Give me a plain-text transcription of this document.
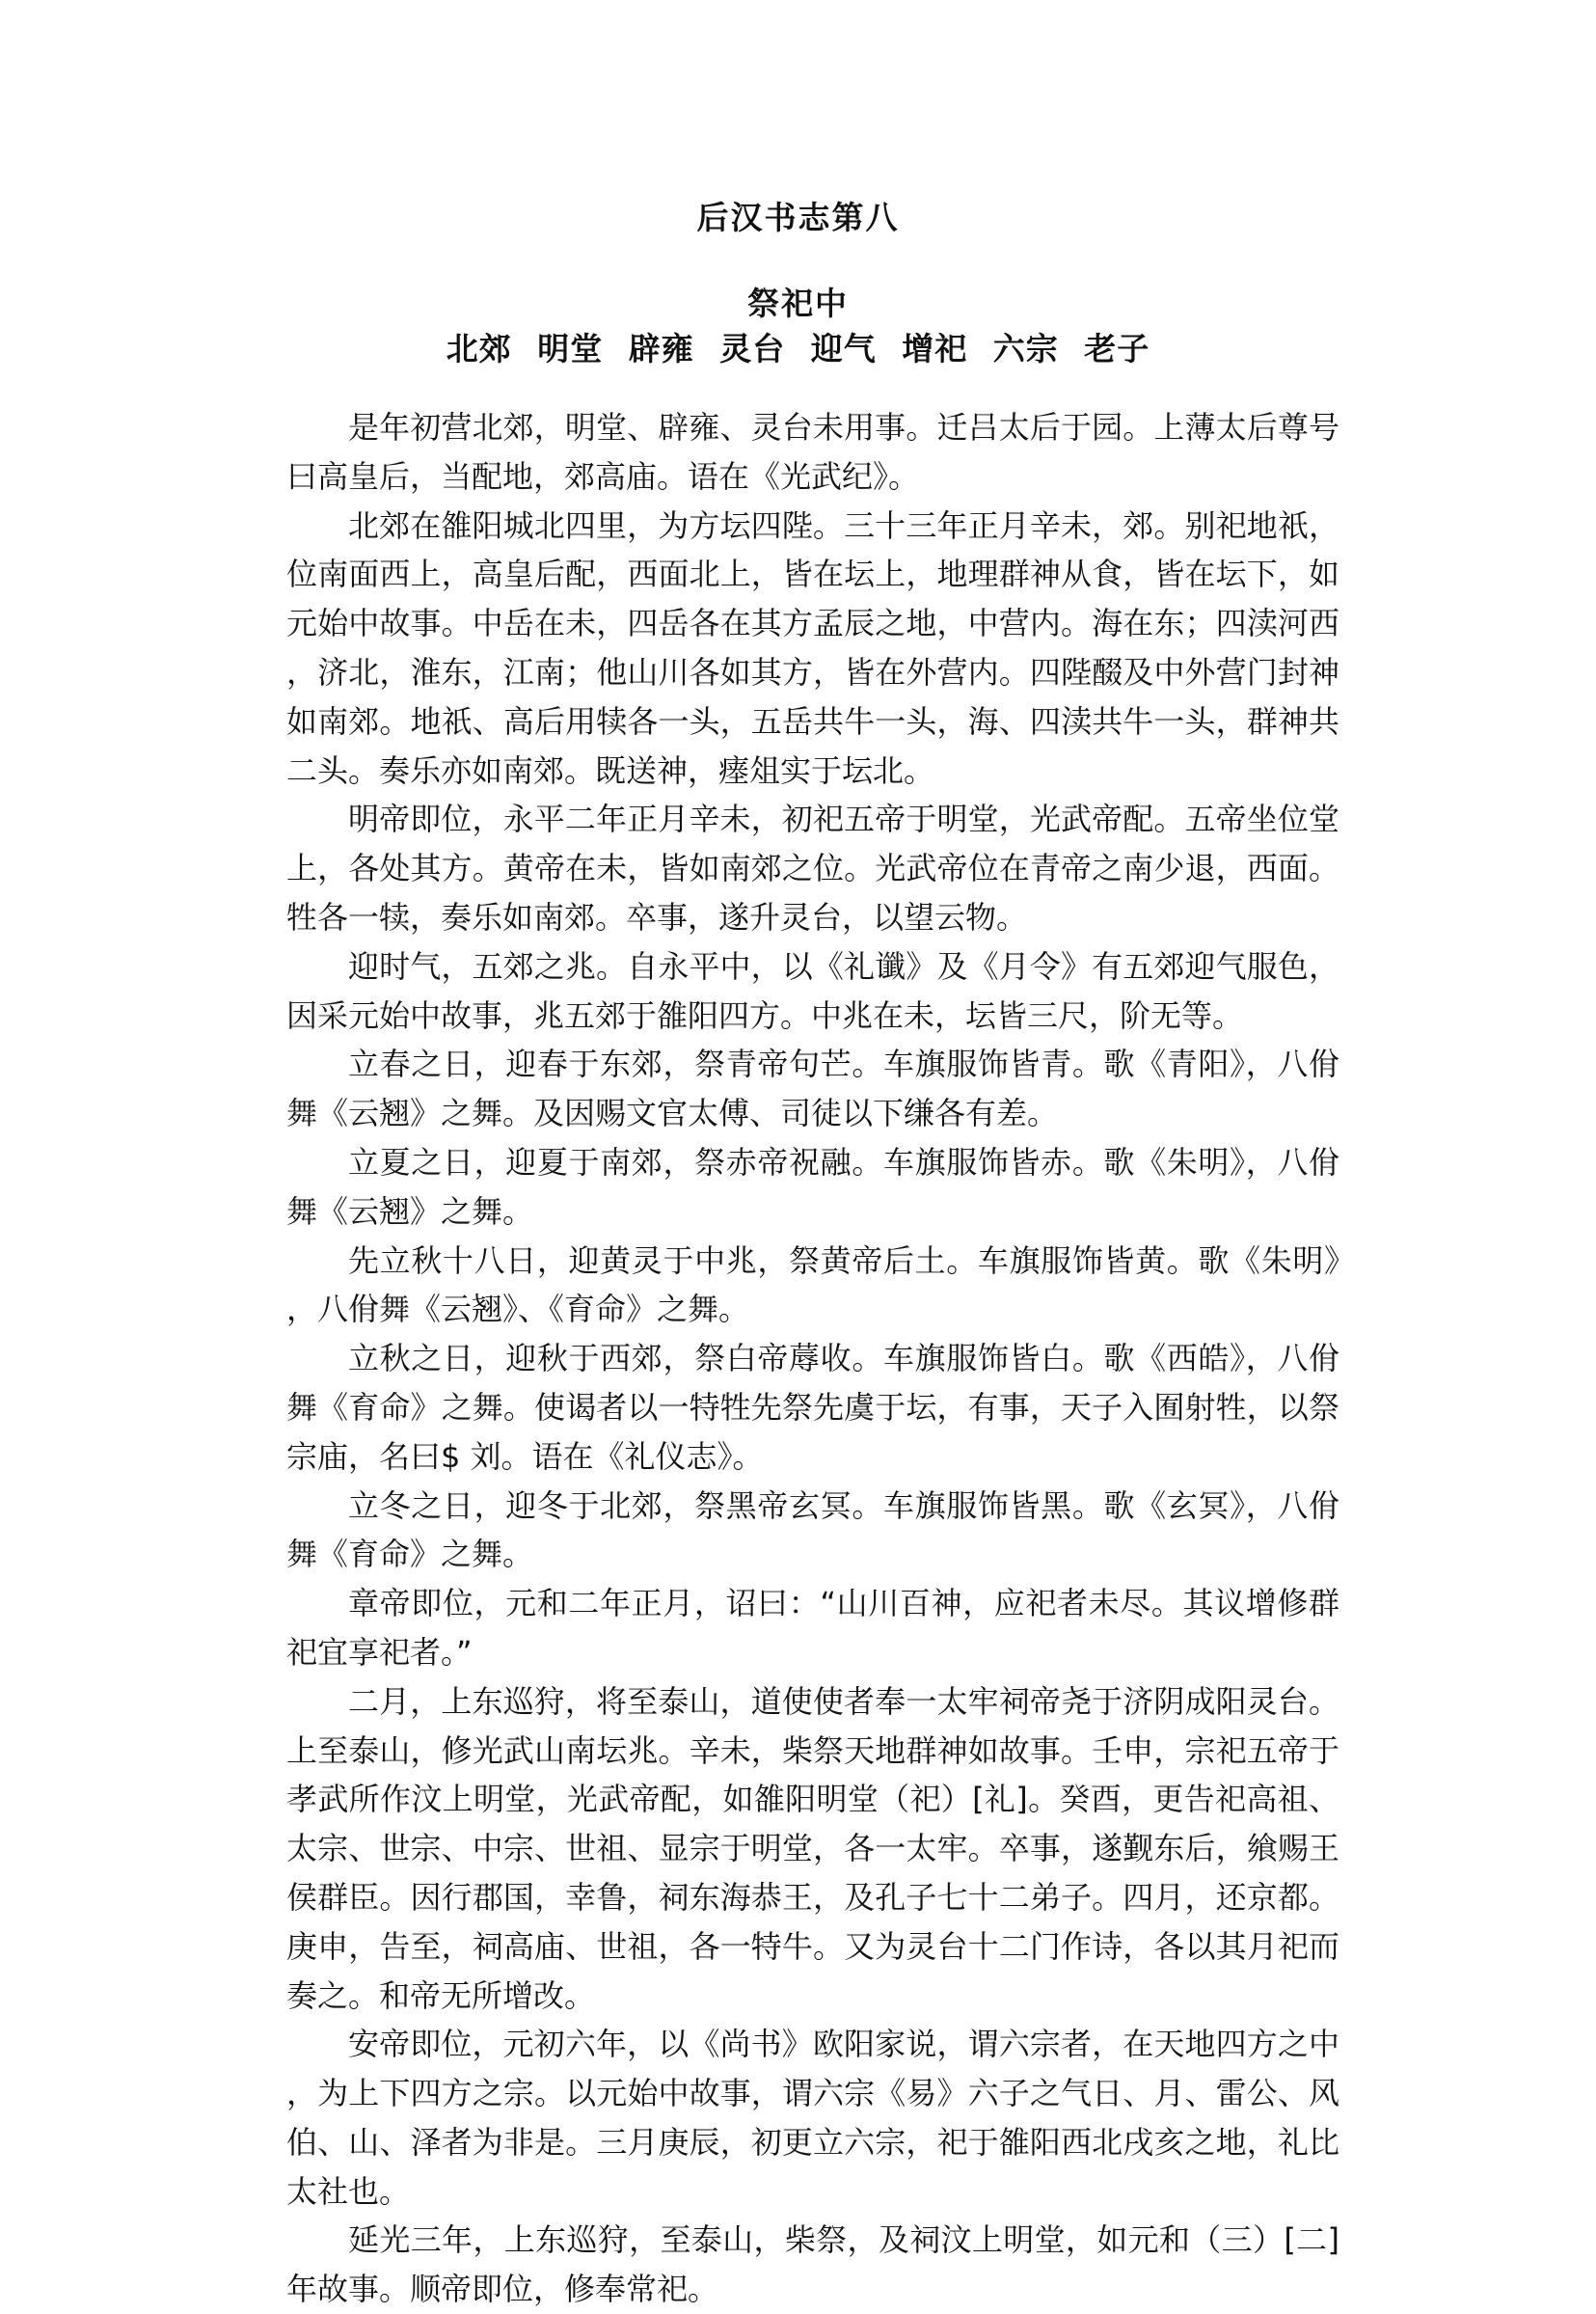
后汉书志第八
祭祀中
北郊 明堂 辟雍 灵台 迎气 增祀 六宗 老子

是年初营北郊，明堂、辟雍、灵台未用事。迁吕太后于园。上薄太后尊号曰高皇后，当配地，郊高庙。语在《光武纪》。

北郊在雒阳城北四里，为方坛四陛。三十三年正月辛未，郊。别祀地祇，位南面西上，高皇后配，西面北上，皆在坛上，地理群神从食，皆在坛下，如元始中故事。中岳在未，四岳各在其方孟辰之地，中营内。海在东；四渎河西，济北，淮东，江南；他山川各如其方，皆在外营内。四陛醊及中外营门封神如南郊。地祇、高后用犊各一头，五岳共牛一头，海、四渎共牛一头，群神共二头。奏乐亦如南郊。既送神，瘗俎实于坛北。

明帝即位，永平二年正月辛未，初祀五帝于明堂，光武帝配。五帝坐位堂上，各处其方。黄帝在未，皆如南郊之位。光武帝位在青帝之南少退，西面。牲各一犊，奏乐如南郊。卒事，遂升灵台，以望云物。

迎时气，五郊之兆。自永平中，以《礼谶》及《月令》有五郊迎气服色，因采元始中故事，兆五郊于雒阳四方。中兆在未，坛皆三尺，阶无等。

立春之日，迎春于东郊，祭青帝句芒。车旗服饰皆青。歌《青阳》，八佾舞《云翘》之舞。及因赐文官太傅、司徒以下缣各有差。

立夏之日，迎夏于南郊，祭赤帝祝融。车旗服饰皆赤。歌《朱明》，八佾舞《云翘》之舞。

先立秋十八日，迎黄灵于中兆，祭黄帝后土。车旗服饰皆黄。歌《朱明》，八佾舞《云翘》、《育命》之舞。

立秋之日，迎秋于西郊，祭白帝蓐收。车旗服饰皆白。歌《西皓》，八佾舞《育命》之舞。使谒者以一特牲先祭先虞于坛，有事，天子入囿射牲，以祭宗庙，名曰$ 刘。语在《礼仪志》。

立冬之日，迎冬于北郊，祭黑帝玄冥。车旗服饰皆黑。歌《玄冥》，八佾舞《育命》之舞。

章帝即位，元和二年正月，诏曰：“山川百神，应祀者未尽。其议增修群祀宜享祀者。”

二月，上东巡狩，将至泰山，道使使者奉一太牢祠帝尧于济阴成阳灵台。上至泰山，修光武山南坛兆。辛未，柴祭天地群神如故事。壬申，宗祀五帝于孝武所作汶上明堂，光武帝配，如雒阳明堂（祀）[礼]。癸酉，更告祀高祖、太宗、世宗、中宗、世祖、显宗于明堂，各一太牢。卒事，遂觐东后，飨赐王侯群臣。因行郡国，幸鲁，祠东海恭王，及孔子七十二弟子。四月，还京都。庚申，告至，祠高庙、世祖，各一特牛。又为灵台十二门作诗，各以其月祀而奏之。和帝无所增改。

安帝即位，元初六年，以《尚书》欧阳家说，谓六宗者，在天地四方之中，为上下四方之宗。以元始中故事，谓六宗《易》六子之气日、月、雷公、风伯、山、泽者为非是。三月庚辰，初更立六宗，祀于雒阳西北戌亥之地，礼比太社也。

延光三年，上东巡狩，至泰山，柴祭，及祠汶上明堂，如元和（三）[二]年故事。顺帝即位，修奉常祀。
